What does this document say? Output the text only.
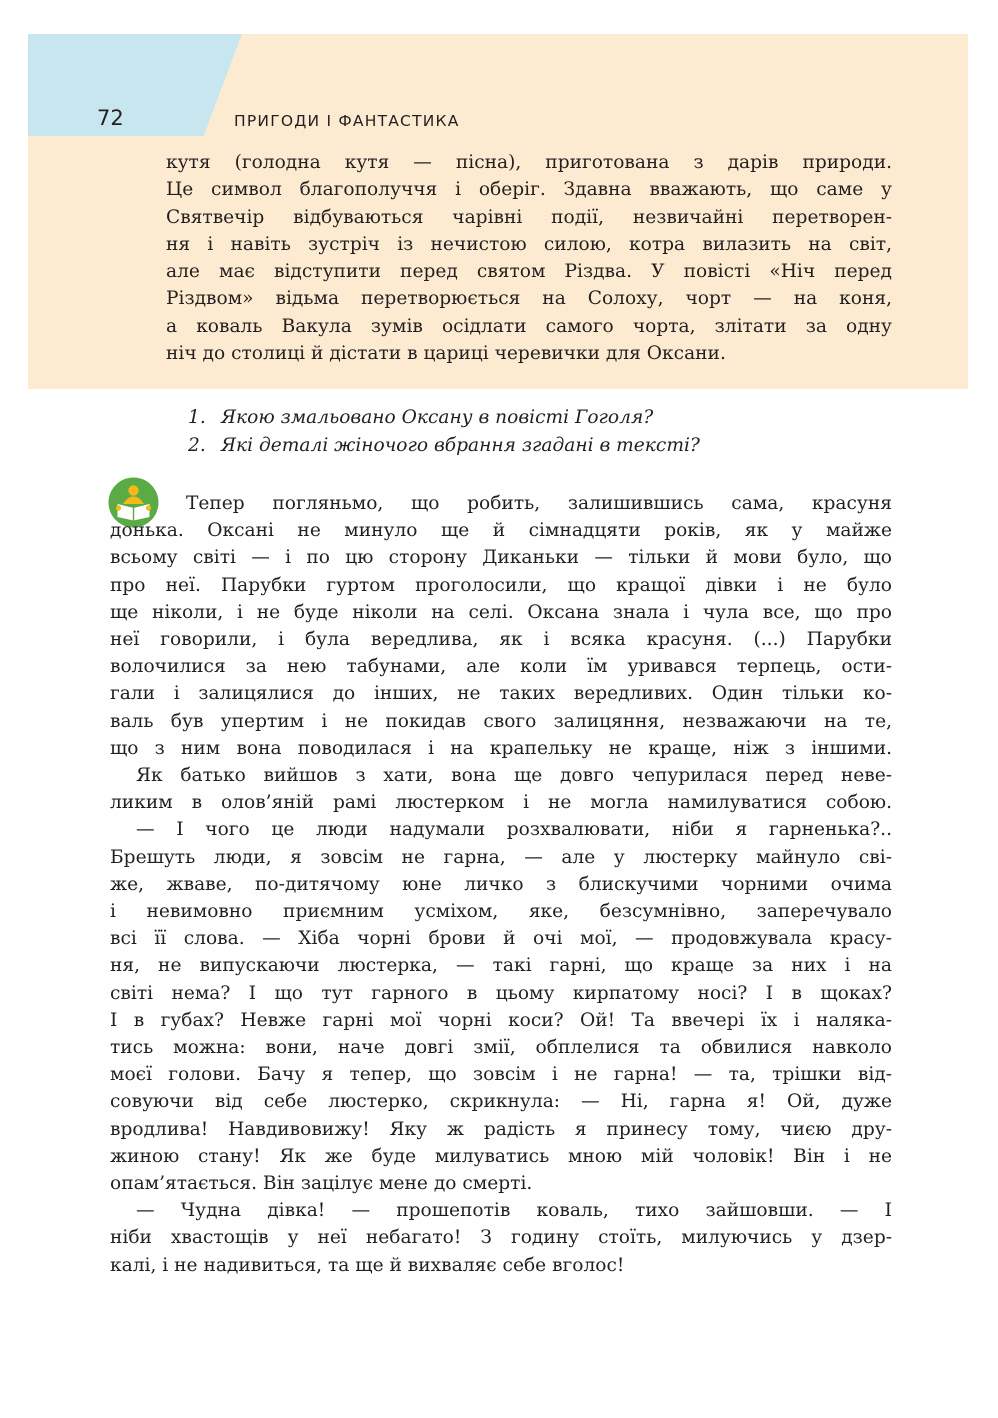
72	ПРИГОДИ І ФАНТАСТИКА
кутя (голодна кутя — пісна), приготована з дарів природи.
Це символ благополуччя і оберіг. Здавна вважають, що саме у
Святвечір відбуваються чарівні події, незвичайні перетворен-
ня і навіть зустріч із нечистою силою, котра вилазить на світ,
але має відступити перед святом Різдва. У повісті «Ніч перед
Різдвом» відьма перетворюється на Солоху, чорт — на коня,
а коваль Вакула зумів осідлати самого чорта, злітати за одну
ніч до столиці й дістати в цариці черевички для Оксани.
1. Якою змальовано Оксану в повісті Гоголя?
2. Які деталі жіночого вбрання згадані в тексті?
Тепер погляньмо, що робить, залишившись сама, красуня
донька. Оксані не минуло ще й сімнадцяти років, як у майже
всьому світі — і по цю сторону Диканьки — тільки й мови було, що
про неї. Парубки гуртом проголосили, що кращої дівки і не було
ще ніколи, і не буде ніколи на селі. Оксана знала і чула все, що про
неї говорили, і була вередлива, як і всяка красуня. (...) Парубки
волочилися за нею табунами, але коли їм уривався терпець, ости-
гали і залицялися до інших, не таких вередливих. Один тільки ко-
валь був упертим і не покидав свого залицяння, незважаючи на те,
що з ним вона поводилася і на крапельку не краще, ніж з іншими.
Як батько вийшов з хати, вона ще довго чепурилася перед неве-
ликим в олов’яній рамі люстерком і не могла намилуватися собою.
— І чого це люди надумали розхвалювати, ніби я гарненька?..
Брешуть люди, я зовсім не гарна, — але у люстерку майнуло сві-
же, жваве, по-дитячому юне личко з блискучими чорними очима
і невимовно приємним усміхом, яке, безсумнівно, заперечувало
всі її слова. — Хіба чорні брови й очі мої, — продовжувала красу-
ня, не випускаючи люстерка, — такі гарні, що краще за них і на
світі нема? І що тут гарного в цьому кирпатому носі? І в щоках?
І в губах? Невже гарні мої чорні коси? Ой! Та ввечері їх і наляка-
тись можна: вони, наче довгі змії, обплелися та обвилися навколо
моєї голови. Бачу я тепер, що зовсім і не гарна! — та, трішки від-
совуючи від себе люстерко, скрикнула: — Ні, гарна я! Ой, дуже
вродлива! Навдивовижу! Яку ж радість я принесу тому, чиєю дру-
жиною стану! Як же буде милуватись мною мій чоловік! Він і не
опам’ятається. Він зацілує мене до смерті.
— Чудна дівка! — прошепотів коваль, тихо зайшовши. — І
ніби хвастощів у неї небагато! З годину стоїть, милуючись у дзер-
калі, і не надивиться, та ще й вихваляє себе вголос!
